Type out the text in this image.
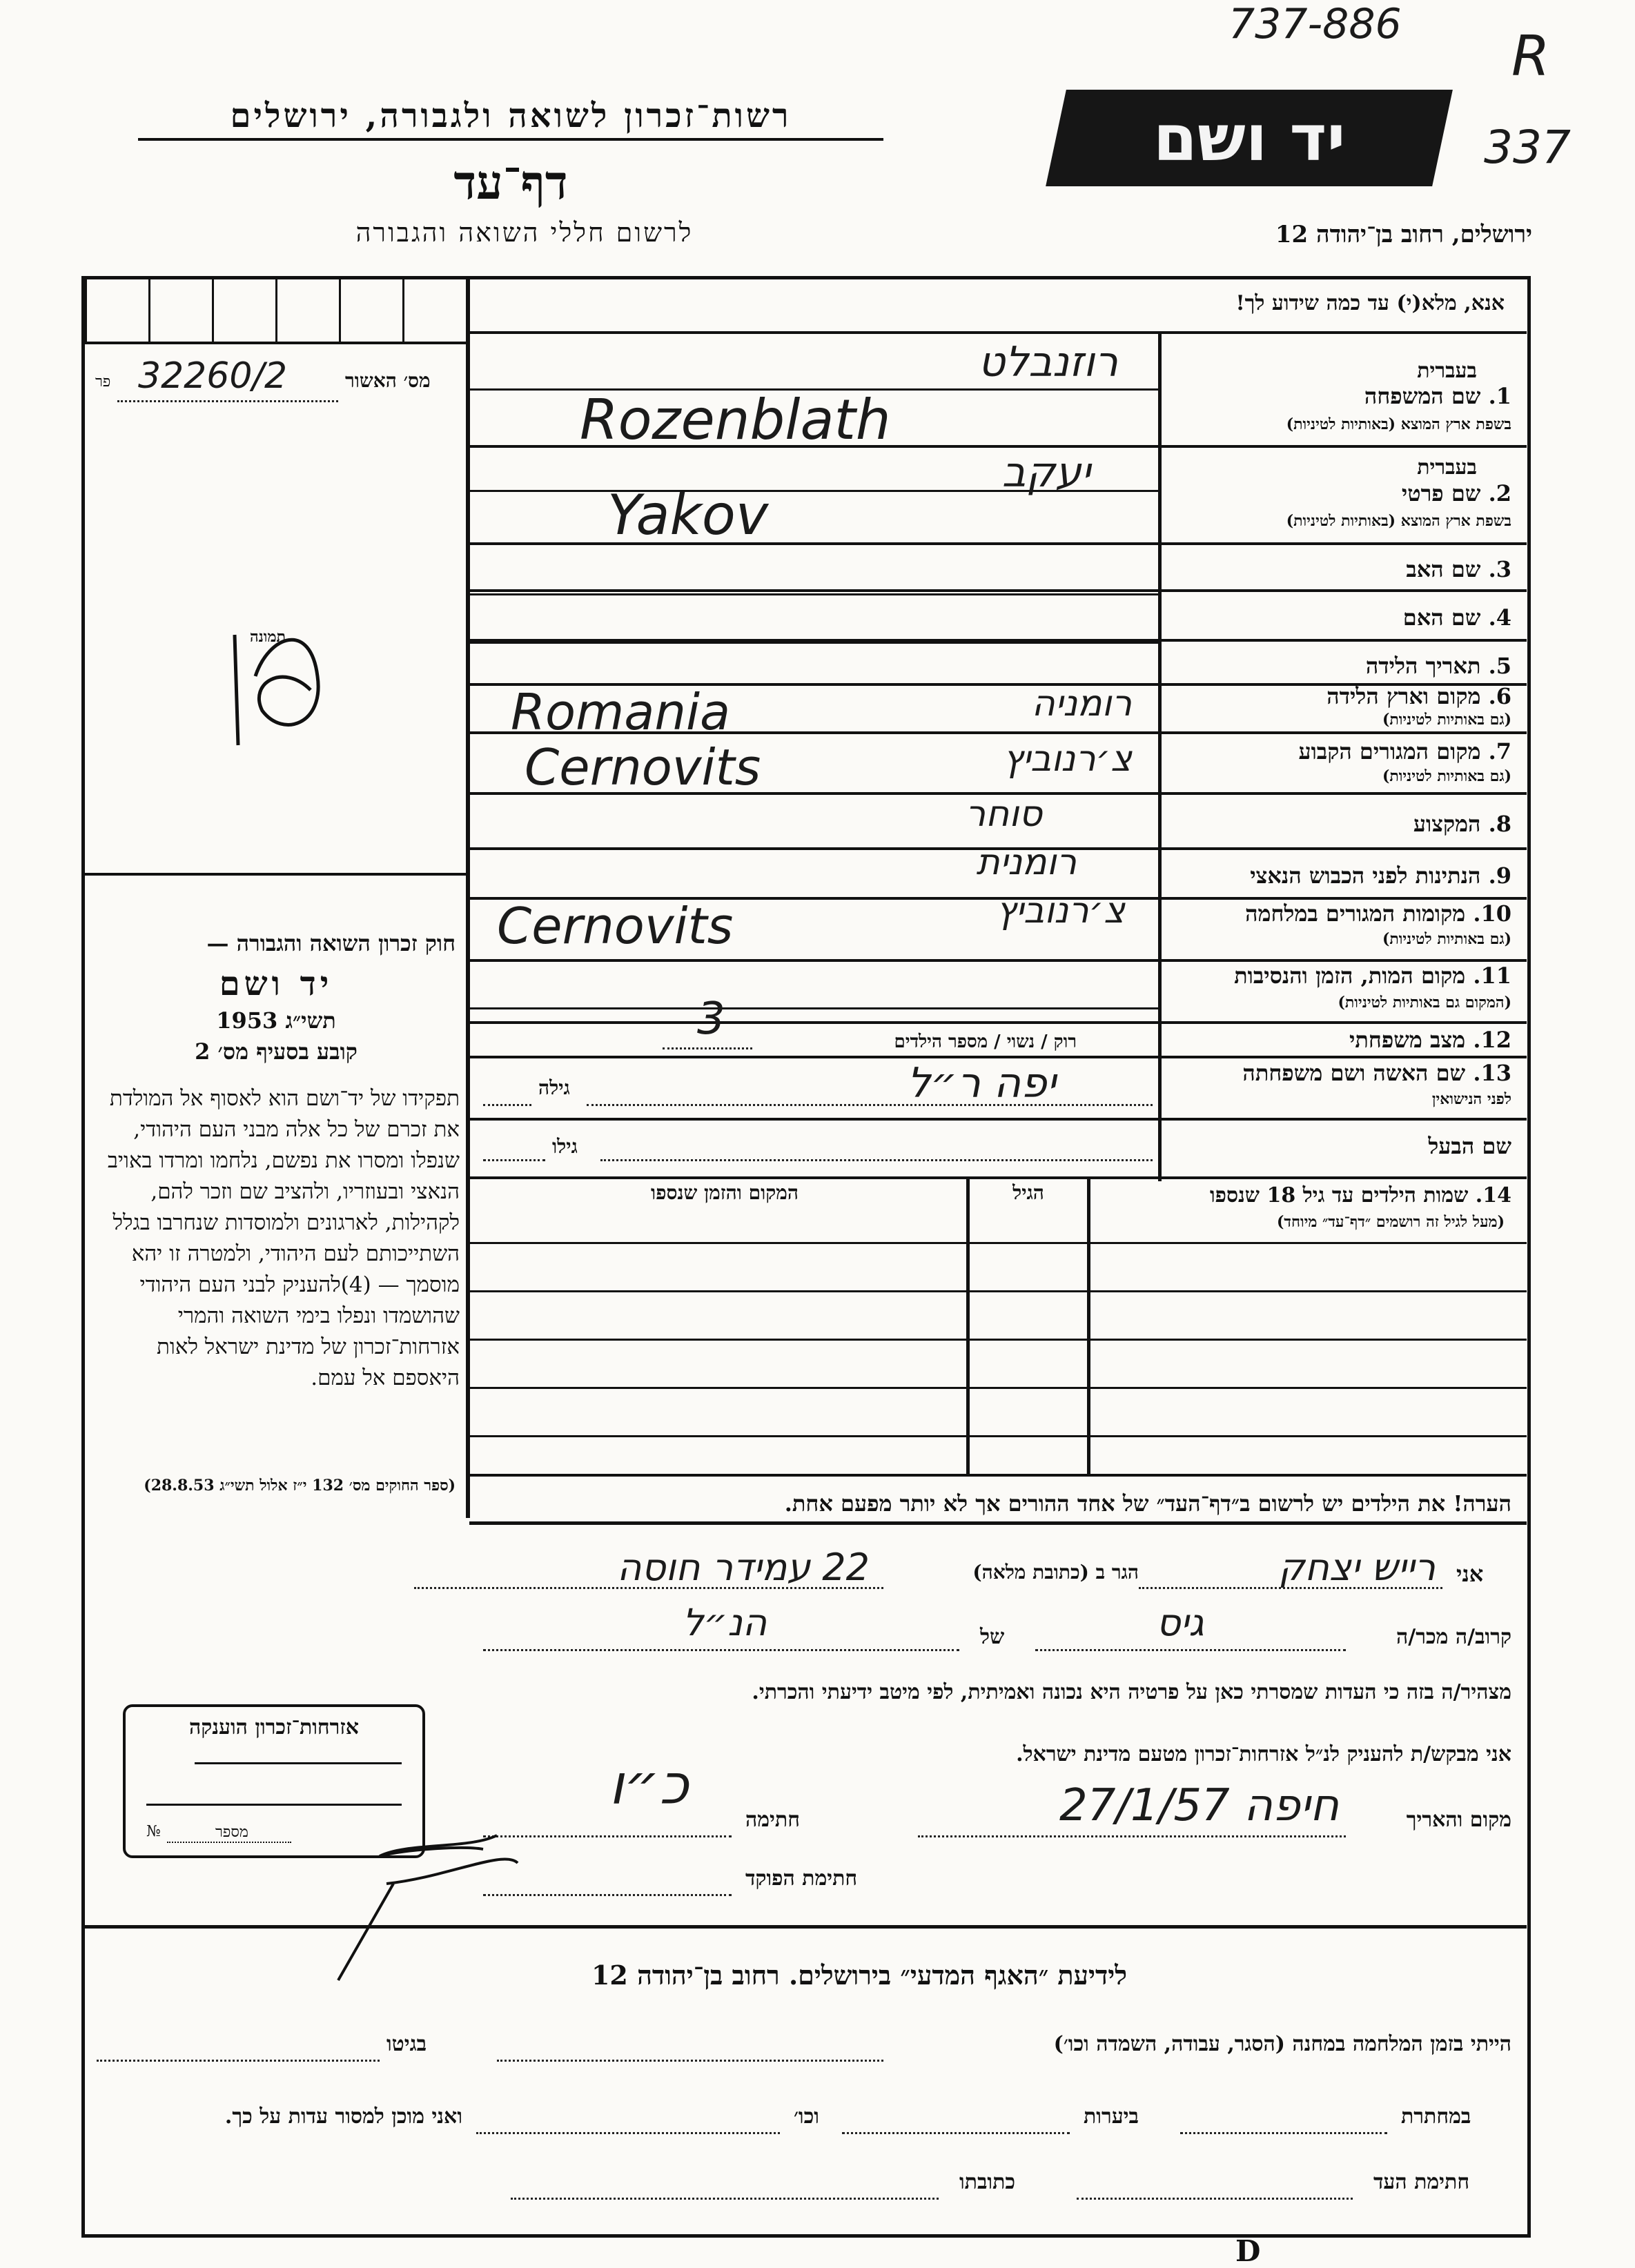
737-886 R
337
רשות־זכרון לשואה ולגבורה, ירושלים
דף־עד
לרשום חללי השואה והגבורה
יד ושם
ירושלים, רחוב בן־יהודה 12
אנא, מלא(י) עד כמה שידוע לך!
מס׳ האשור
פר 32260/2
תמונה
חוק זכרון השואה והגבורה —
יד ושם
תשי״ג 1953
קובע בסעיף מס׳ 2
תפקידו של יד־ושם הוא לאסוף אל המולדת את זכרם של כל אלה מבני העם היהודי, שנפלו ומסרו את נפשם, נלחמו ומרדו באויב הנאצי ובעוזריו, ולהציב שם וזכר להם, לקהילות, לארגונים ולמוסדות שנחרבו בגלל השתייכותם לעם היהודי, ולמטרה זו יהא מוסמך — (4)להעניק לבני העם היהודי שהושמדו ונפלו בימי השואה והמרי אזרחות־זכרון של מדינת ישראל לאות היאספם אל עמם.
(ספר החוקים מס׳ 132 י״ז אלול תשי״ג 28.8.53)
אזרחות־זכרון הוענקה
מספר
№
בעברית
1. שם המשפחה
בשפת ארץ המוצא (באותיות לטיניות)
רוזנבלט
Rozenblath
בעברית
2. שם פרטי
בשפת ארץ המוצא (באותיות לטיניות)
יעקב
Yakov
3. שם האב
4. שם האם
5. תאריך הלידה
6. מקום וארץ הלידה
(גם באותיות לטיניות)
רומניה
Romania
7. מקום המגורים הקבוע
(גם באותיות לטיניות)
צ׳רנוביץ
Cernovits
8. המקצוע
סוחר
9. הנתינות לפני הכבוש הנאצי
רומנית
10. מקומות המגורים במלחמה
(גם באותיות לטיניות)
צ׳רנוביץ
Cernovits
11. מקום המות, הזמן והנסיבות
(המקום גם באותיות לטיניות)
12. מצב משפחתי
רוק / נשוי / מספר הילדים
3
13. שם האשה ושם משפחתה
לפני הנישואין
גילה	יפה ר״ל
שם הבעל
גילו
14. שמות הילדים עד גיל 18 שנספו
(מעל לגיל זה רושמים ״דף־עד״ מיוחד)
הגיל
המקום והזמן שנספו
הערה! את הילדים יש לרשום ב״דף־העד״ של אחד ההורים אך לא יותר מפעם אחת.
אני
רייש יצחק
הגר ב (כתובת מלאה)
22 עמידר חוסה
קרוב/ה מכר/ה
גיס
של
הנ״ל
מצהיר/ה בזה כי העדות שמסרתי כאן על פרטיה היא נכונה ואמיתית, לפי מיטב ידיעתי והכרתי.
אני מבקש/ת להעניק לנ״ל אזרחות־זכרון מטעם מדינת ישראל.
מקום והאריך
חיפה 27/1/57
חתימה
כ״ו
חתימת הפוקד
לידיעת ״האגף המדעי״ בירושלים. רחוב בן־יהודה 12
הייתי בזמן המלחמה במחנה (הסגר, עבודה, השמדה וכו׳)
בגיטו
במחתרת
ביערות
וכו׳
ואני מוכן למסור עדות על כך.
חתימת העד
כתובתו
D
